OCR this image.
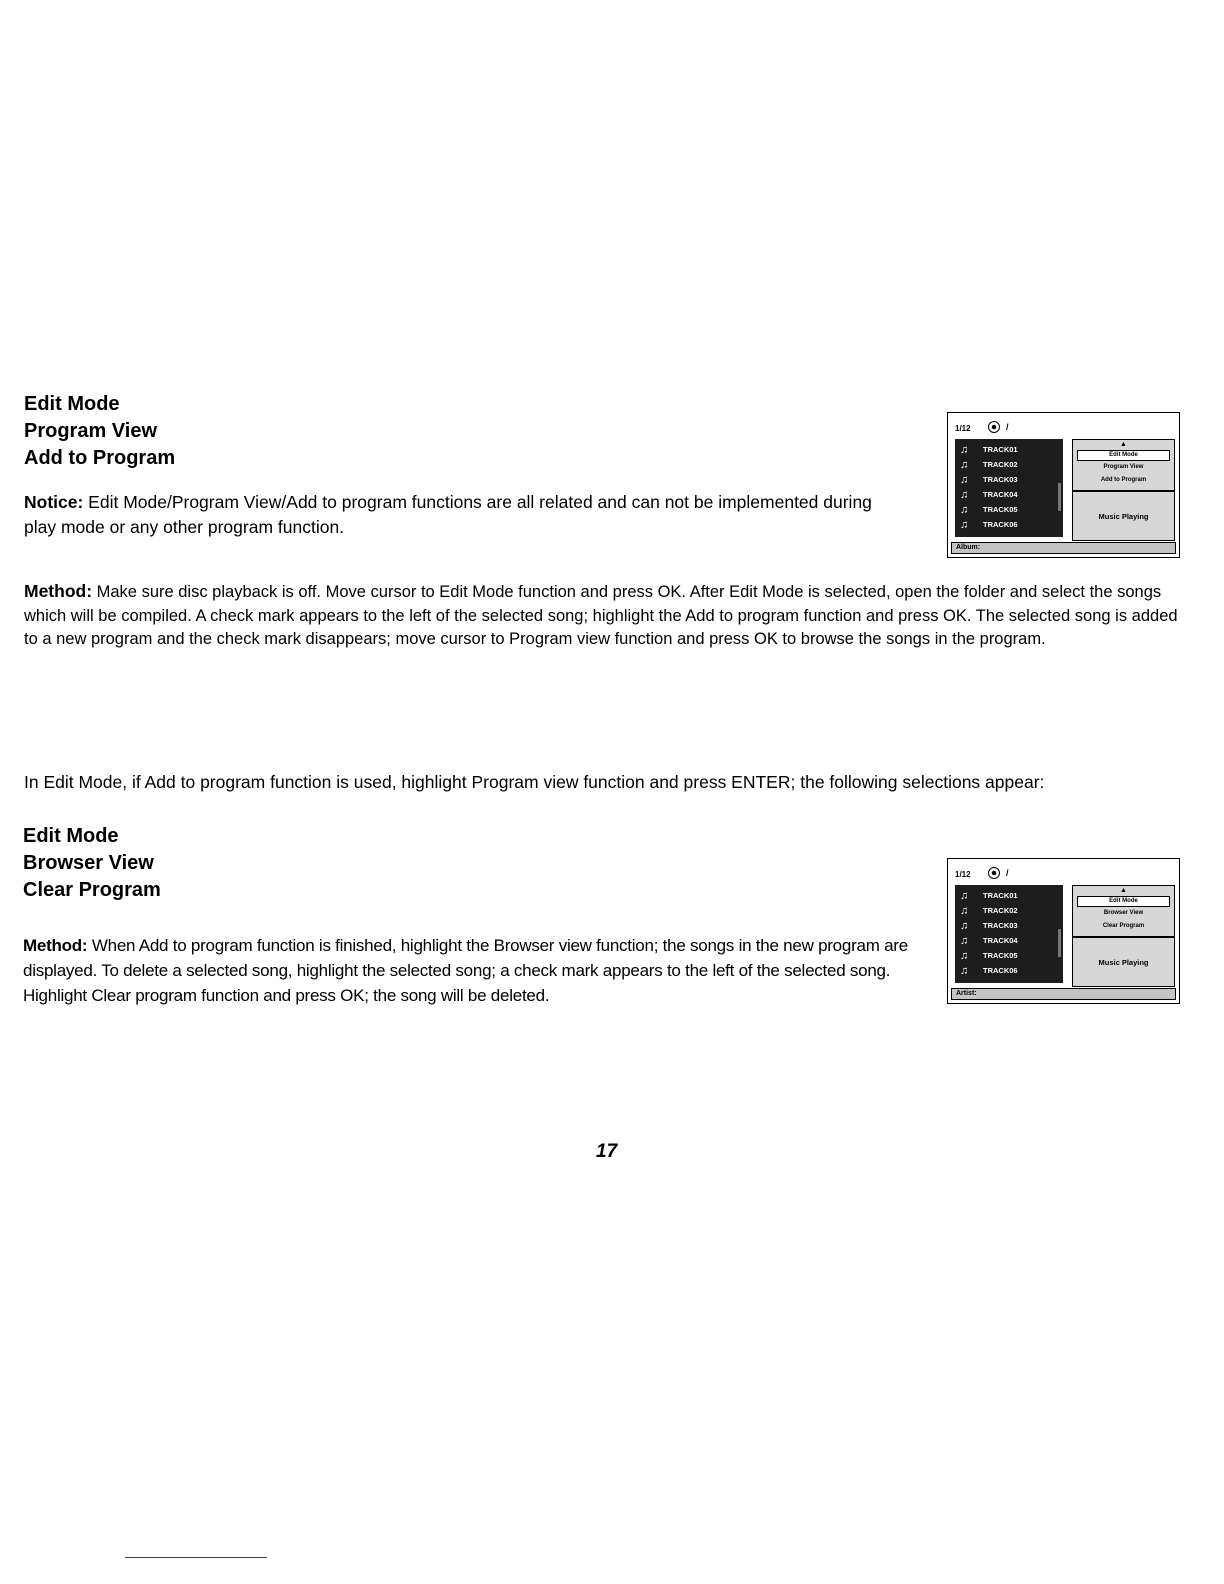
Edit Mode
Program View
Add to Program
Notice: Edit Mode/Program View/Add to program functions are all related and can not be implemented during play mode or any other program function.
1/12	/
♫	TRACK01
♫	TRACK02
♫	TRACK03
♫	TRACK04
♫	TRACK05
♫	TRACK06
▲
Edit Mode
Program View
Add to Program
Music Playing
Album:
Method: Make sure disc playback is off. Move cursor to Edit Mode function and press OK. After Edit Mode is selected, open the folder and select the songs which will be compiled. A check mark appears to the left of the selected song; highlight the Add to program function and press OK. The selected song is added to a new program and the check mark disappears; move cursor to Program view function and press OK to browse the songs in the program.
In Edit Mode, if Add to program function is used, highlight Program view function and press ENTER; the following selections appear:
Edit Mode
Browser View
Clear Program
1/12	/
♫	TRACK01
♫	TRACK02
♫	TRACK03
♫	TRACK04
♫	TRACK05
♫	TRACK06
▲
Edit Mode
Browser View
Clear Program
Music Playing
Artist:
Method: When Add to program function is finished, highlight the Browser view function; the songs in the new program are displayed. To delete a selected song, highlight the selected song; a check mark appears to the left of the selected song. Highlight Clear program function and press OK; the song will be deleted.
17
